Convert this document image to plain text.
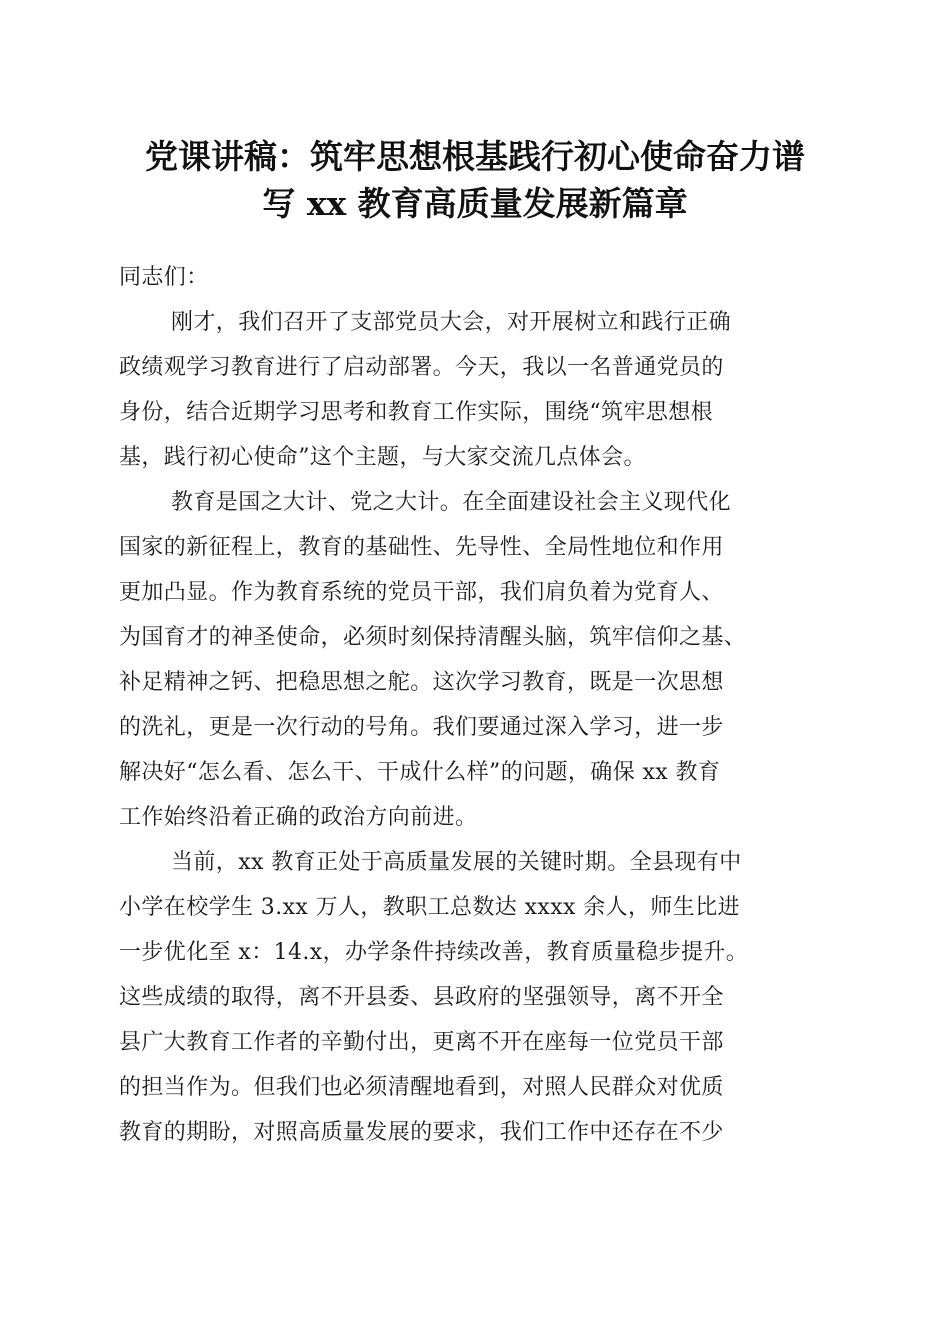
党课讲稿：筑牢思想根基践行初心使命奋力谱
写 xx 教育高质量发展新篇章
同志们：
刚才，我们召开了支部党员大会，对开展树立和践行正确
政绩观学习教育进行了启动部署。今天，我以一名普通党员的
身份，结合近期学习思考和教育工作实际，围绕“筑牢思想根
基，践行初心使命”这个主题，与大家交流几点体会。
教育是国之大计、党之大计。在全面建设社会主义现代化
国家的新征程上，教育的基础性、先导性、全局性地位和作用
更加凸显。作为教育系统的党员干部，我们肩负着为党育人、
为国育才的神圣使命，必须时刻保持清醒头脑，筑牢信仰之基、
补足精神之钙、把稳思想之舵。这次学习教育，既是一次思想
的洗礼，更是一次行动的号角。我们要通过深入学习，进一步
解决好“怎么看、怎么干、干成什么样”的问题，确保 xx 教育
工作始终沿着正确的政治方向前进。
当前，xx 教育正处于高质量发展的关键时期。全县现有中
小学在校学生 3.xx 万人，教职工总数达 xxxx 余人，师生比进
一步优化至 x：14.x，办学条件持续改善，教育质量稳步提升。
这些成绩的取得，离不开县委、县政府的坚强领导，离不开全
县广大教育工作者的辛勤付出，更离不开在座每一位党员干部
的担当作为。但我们也必须清醒地看到，对照人民群众对优质
教育的期盼，对照高质量发展的要求，我们工作中还存在不少
